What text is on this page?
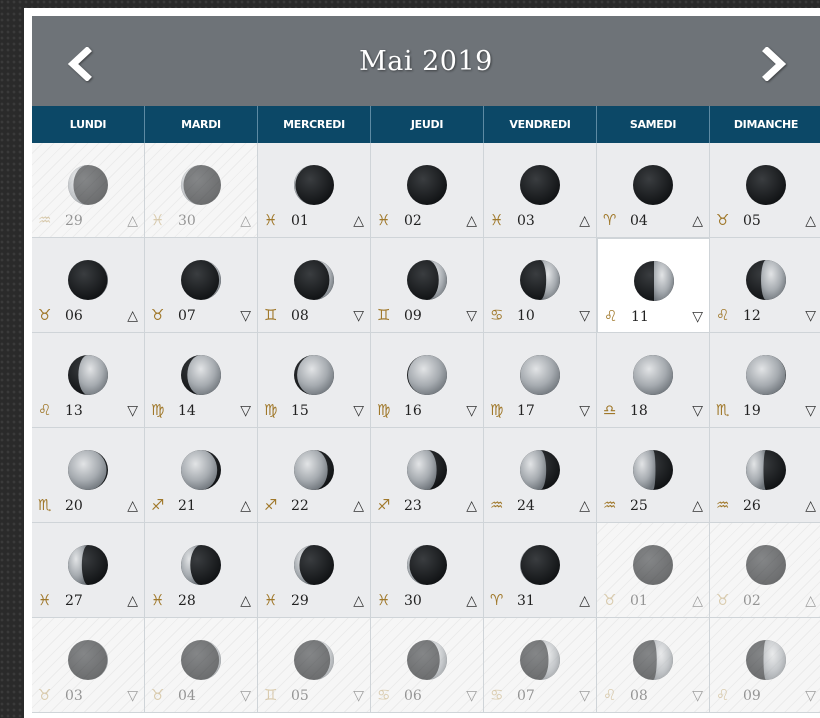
Mai 2019
LUNDI	MARDI	MERCREDI	JEUDI	VENDREDI	SAMEDI	DIMANCHE
♒ 29	△ ♓ 30	△ ♓ 01	△ ♓ 02	△ ♓ 03	△ ♈ 04	△ ♉ 05	△
♉ 06	△ ♉ 07	▽ ♊ 08	▽ ♊ 09	▽ ♋ 10	▽ ♌ 11	▽ ♌ 12	▽
♌ 13	▽ ♍ 14	▽ ♍ 15	▽ ♍ 16	▽ ♍ 17	▽ ♎ 18	▽ ♏ 19	▽
♏ 20	△ ♐ 21	△ ♐ 22	△ ♐ 23	△ ♒ 24	△ ♒ 25	△ ♒ 26	△
♓ 27	△ ♓ 28	△ ♓ 29	△ ♓ 30	△ ♈ 31	△ ♉ 01	△ ♉ 02	△
♉ 03	▽ ♉ 04	▽ ♊ 05	▽ ♋ 06	▽ ♋ 07	▽ ♌ 08	▽ ♌ 09	▽
